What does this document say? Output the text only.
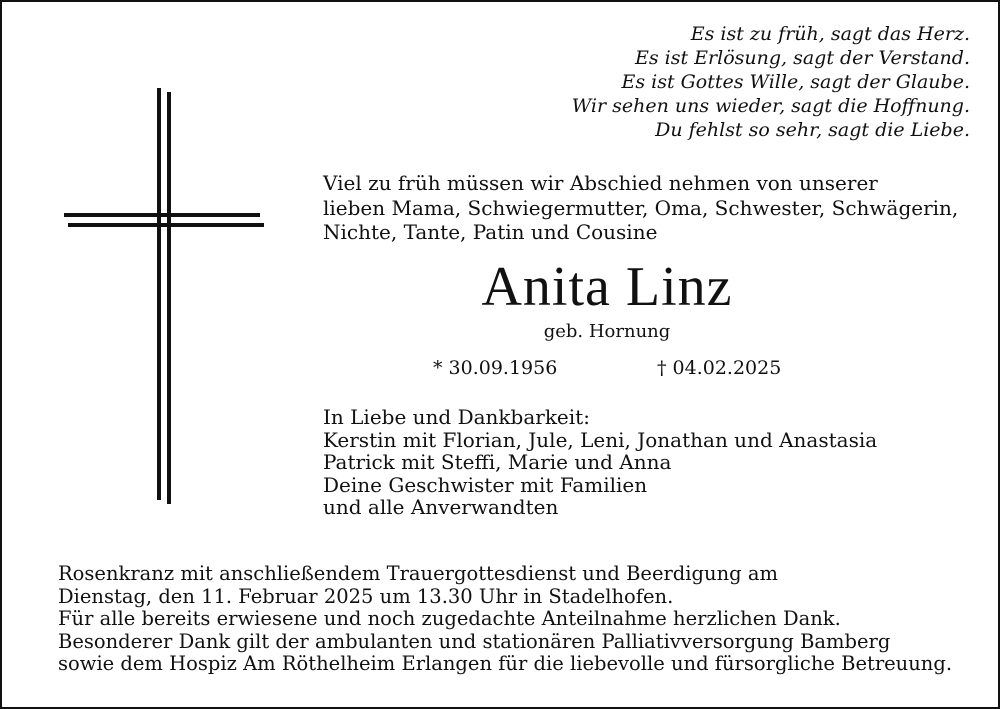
Es ist zu früh, sagt das Herz.
Es ist Erlösung, sagt der Verstand.
Es ist Gottes Wille, sagt der Glaube.
Wir sehen uns wieder, sagt die Hoffnung.
Du fehlst so sehr, sagt die Liebe.
Viel zu früh müssen wir Abschied nehmen von unserer
lieben Mama, Schwiegermutter, Oma, Schwester, Schwägerin,
Nichte, Tante, Patin und Cousine
Anita Linz
geb. Hornung
* 30.09.1956	† 04.02.2025
In Liebe und Dankbarkeit:
Kerstin mit Florian, Jule, Leni, Jonathan und Anastasia
Patrick mit Steffi, Marie und Anna
Deine Geschwister mit Familien
und alle Anverwandten
Rosenkranz mit anschließendem Trauergottesdienst und Beerdigung am
Dienstag, den 11. Februar 2025 um 13.30 Uhr in Stadelhofen.
Für alle bereits erwiesene und noch zugedachte Anteilnahme herzlichen Dank.
Besonderer Dank gilt der ambulanten und stationären Palliativversorgung Bamberg
sowie dem Hospiz Am Röthelheim Erlangen für die liebevolle und fürsorgliche Betreuung.
